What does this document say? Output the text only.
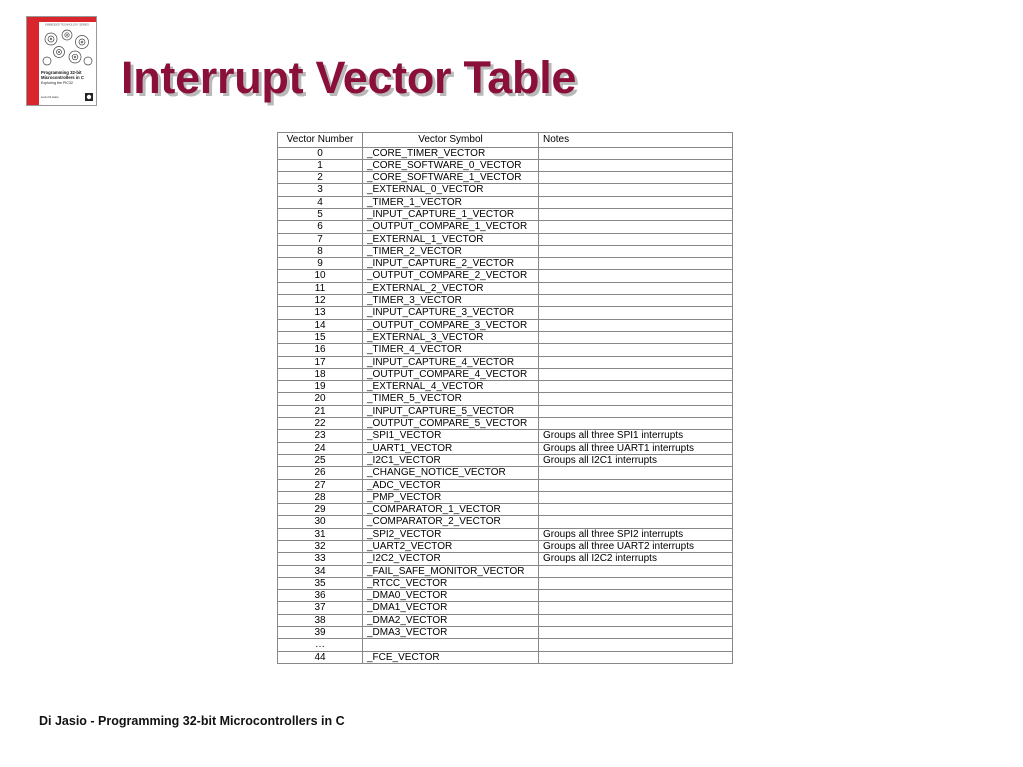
EMBEDDED TECHNOLOGY SERIES
Programming 32-bit
Microcontrollers in C
Exploring the PIC32
Lucio Di Jasio Interrupt Vector Table
Vector Number	Vector Symbol	Notes
0	_CORE_TIMER_VECTOR	
1	_CORE_SOFTWARE_0_VECTOR	
2	_CORE_SOFTWARE_1_VECTOR	
3	_EXTERNAL_0_VECTOR	
4	_TIMER_1_VECTOR	
5	_INPUT_CAPTURE_1_VECTOR	
6	_OUTPUT_COMPARE_1_VECTOR	
7	_EXTERNAL_1_VECTOR	
8	_TIMER_2_VECTOR	
9	_INPUT_CAPTURE_2_VECTOR	
10	_OUTPUT_COMPARE_2_VECTOR	
11	_EXTERNAL_2_VECTOR	
12	_TIMER_3_VECTOR	
13	_INPUT_CAPTURE_3_VECTOR	
14	_OUTPUT_COMPARE_3_VECTOR	
15	_EXTERNAL_3_VECTOR	
16	_TIMER_4_VECTOR	
17	_INPUT_CAPTURE_4_VECTOR	
18	_OUTPUT_COMPARE_4_VECTOR	
19	_EXTERNAL_4_VECTOR	
20	_TIMER_5_VECTOR	
21	_INPUT_CAPTURE_5_VECTOR	
22	_OUTPUT_COMPARE_5_VECTOR	
23	_SPI1_VECTOR	Groups all three SPI1 interrupts
24	_UART1_VECTOR	Groups all three UART1 interrupts
25	_I2C1_VECTOR	Groups all I2C1 interrupts
26	_CHANGE_NOTICE_VECTOR	
27	_ADC_VECTOR	
28	_PMP_VECTOR	
29	_COMPARATOR_1_VECTOR	
30	_COMPARATOR_2_VECTOR	
31	_SPI2_VECTOR	Groups all three SPI2 interrupts
32	_UART2_VECTOR	Groups all three UART2 interrupts
33	_I2C2_VECTOR	Groups all I2C2 interrupts
34	_FAIL_SAFE_MONITOR_VECTOR	
35	_RTCC_VECTOR	
36	_DMA0_VECTOR	
37	_DMA1_VECTOR	
38	_DMA2_VECTOR	
39	_DMA3_VECTOR	
…		
44	_FCE_VECTOR	
Di Jasio - Programming 32-bit Microcontrollers in C
